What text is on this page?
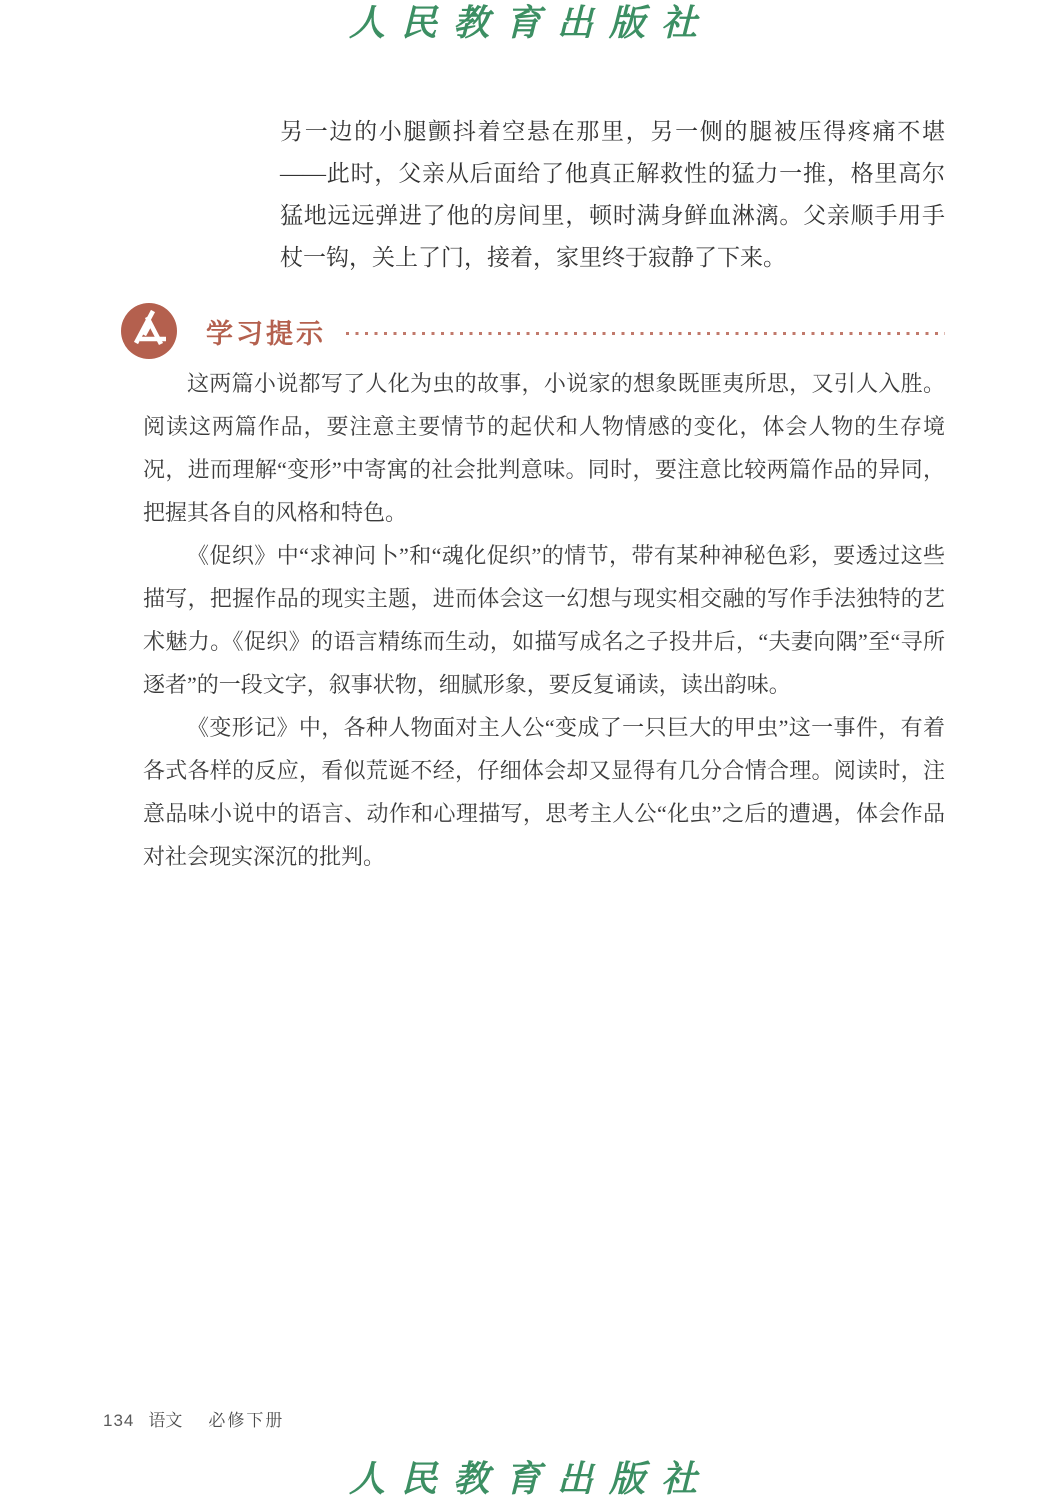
人民教育出版社

另一边的小腿颤抖着空悬在那里，另一侧的腿被压得疼痛不堪——此时，父亲从后面给了他真正解救性的猛力一推，格里高尔猛地远远弹进了他的房间里，顿时满身鲜血淋漓。父亲顺手用手杖一钩，关上了门，接着，家里终于寂静了下来。

学习提示

这两篇小说都写了人化为虫的故事，小说家的想象既匪夷所思，又引人入胜。阅读这两篇作品，要注意主要情节的起伏和人物情感的变化，体会人物的生存境况，进而理解“变形”中寄寓的社会批判意味。同时，要注意比较两篇作品的异同，把握其各自的风格和特色。

《促织》中“求神问卜”和“魂化促织”的情节，带有某种神秘色彩，要透过这些描写，把握作品的现实主题，进而体会这一幻想与现实相交融的写作手法独特的艺术魅力。《促织》的语言精练而生动，如描写成名之子投井后，“夫妻向隅”至“寻所逐者”的一段文字，叙事状物，细腻形象，要反复诵读，读出韵味。

《变形记》中，各种人物面对主人公“变成了一只巨大的甲虫”这一事件，有着各式各样的反应，看似荒诞不经，仔细体会却又显得有几分合情合理。阅读时，注意品味小说中的语言、动作和心理描写，思考主人公“化虫”之后的遭遇，体会作品对社会现实深沉的批判。

134 语文 必修下册
人民教育出版社
